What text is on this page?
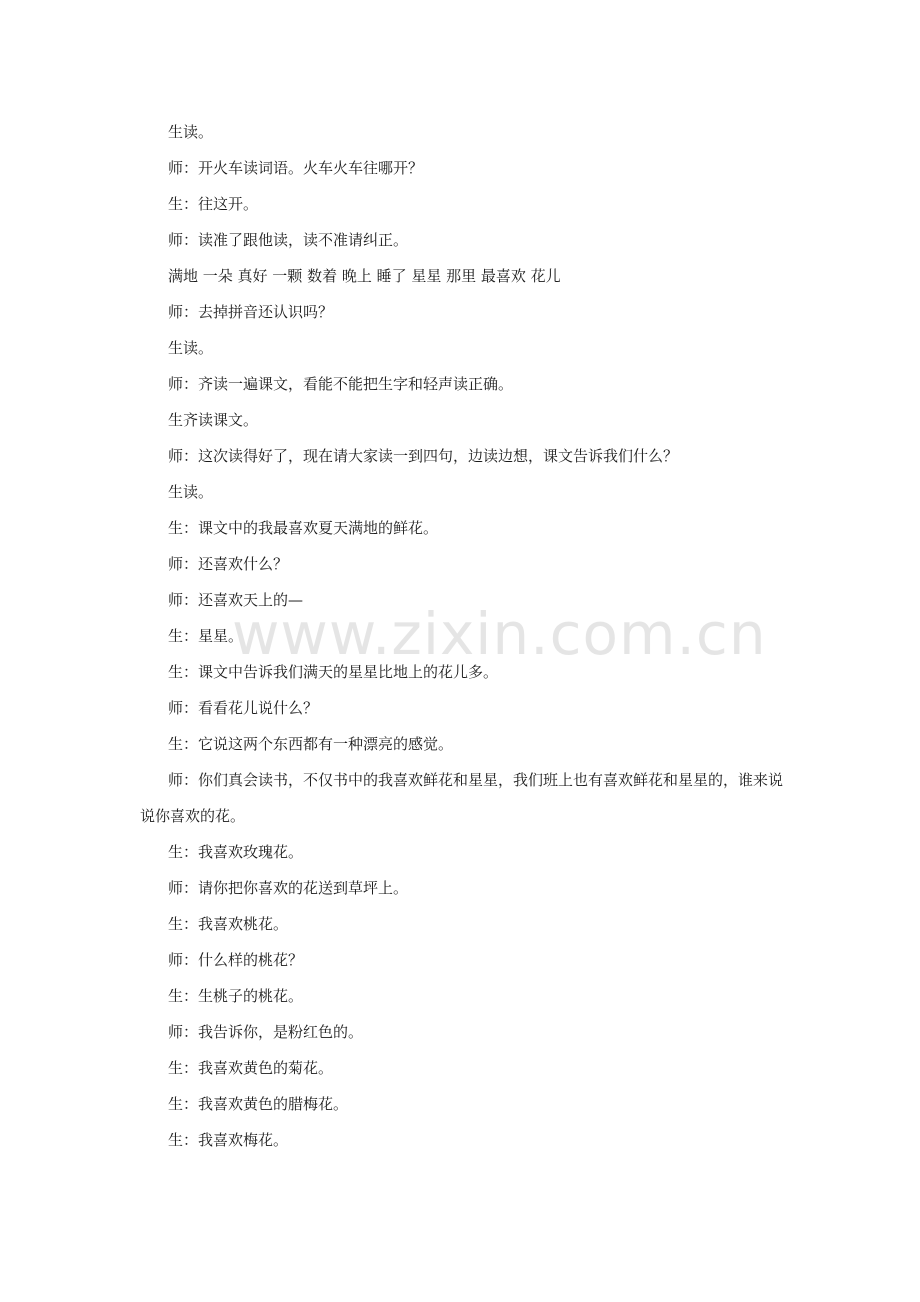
生读。

师：开火车读词语。火车火车往哪开？

生：往这开。

师：读准了跟他读，读不准请纠正。

满地 一朵 真好 一颗 数着 晚上 睡了 星星 那里 最喜欢 花儿

师：去掉拼音还认识吗？

生读。

师：齐读一遍课文，看能不能把生字和轻声读正确。

生齐读课文。

师：这次读得好了，现在请大家读一到四句，边读边想，课文告诉我们什么？

生读。

生：课文中的我最喜欢夏天满地的鲜花。

师：还喜欢什么？

师：还喜欢天上的—

生：星星。

生：课文中告诉我们满天的星星比地上的花儿多。

师：看看花儿说什么？

生：它说这两个东西都有一种漂亮的感觉。

师：你们真会读书，不仅书中的我喜欢鲜花和星星，我们班上也有喜欢鲜花和星星的，谁来说说你喜欢的花。

生：我喜欢玫瑰花。

师：请你把你喜欢的花送到草坪上。

生：我喜欢桃花。

师：什么样的桃花？

生：生桃子的桃花。

师：我告诉你，是粉红色的。

生：我喜欢黄色的菊花。

生：我喜欢黄色的腊梅花。

生：我喜欢梅花。

www.zixin.com.cn
